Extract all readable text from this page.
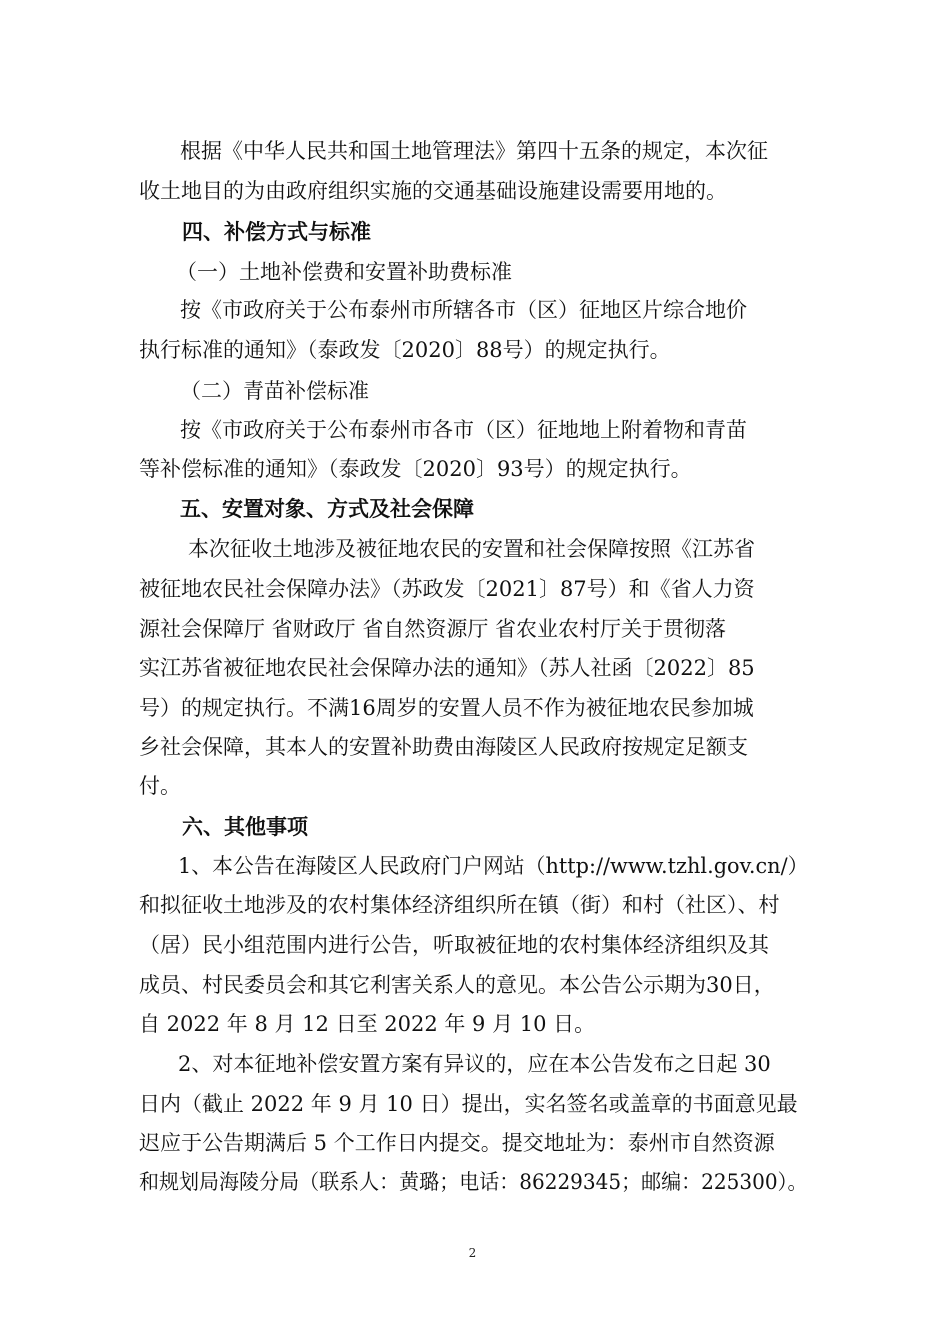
根据《中华人民共和国土地管理法》第四十五条的规定，本次征
收土地目的为由政府组织实施的交通基础设施建设需要用地的。
四、补偿方式与标准
（一）土地补偿费和安置补助费标准
按《市政府关于公布泰州市所辖各市（区）征地区片综合地价
执行标准的通知》（泰政发〔2020〕88号）的规定执行。
（二）青苗补偿标准
按《市政府关于公布泰州市各市（区）征地地上附着物和青苗
等补偿标准的通知》（泰政发〔2020〕93号）的规定执行。
五、安置对象、方式及社会保障
本次征收土地涉及被征地农民的安置和社会保障按照《江苏省
被征地农民社会保障办法》（苏政发〔2021〕87号）和《省人力资
源社会保障厅 省财政厅 省自然资源厅 省农业农村厅关于贯彻落
实江苏省被征地农民社会保障办法的通知》（苏人社函〔2022〕85
号）的规定执行。不满16周岁的安置人员不作为被征地农民参加城
乡社会保障，其本人的安置补助费由海陵区人民政府按规定足额支
付。
六、其他事项
1、本公告在海陵区人民政府门户网站（http://www.tzhl.gov.cn/）
和拟征收土地涉及的农村集体经济组织所在镇（街）和村（社区）、村
（居）民小组范围内进行公告，听取被征地的农村集体经济组织及其
成员、村民委员会和其它利害关系人的意见。本公告公示期为30日，
自 2022 年 8 月 12 日至 2022 年 9 月 10 日。
2、对本征地补偿安置方案有异议的，应在本公告发布之日起 30
日内（截止 2022 年 9 月 10 日）提出，实名签名或盖章的书面意见最
迟应于公告期满后 5 个工作日内提交。提交地址为：泰州市自然资源
和规划局海陵分局（联系人：黄璐；电话：86229345；邮编：225300）。
2
